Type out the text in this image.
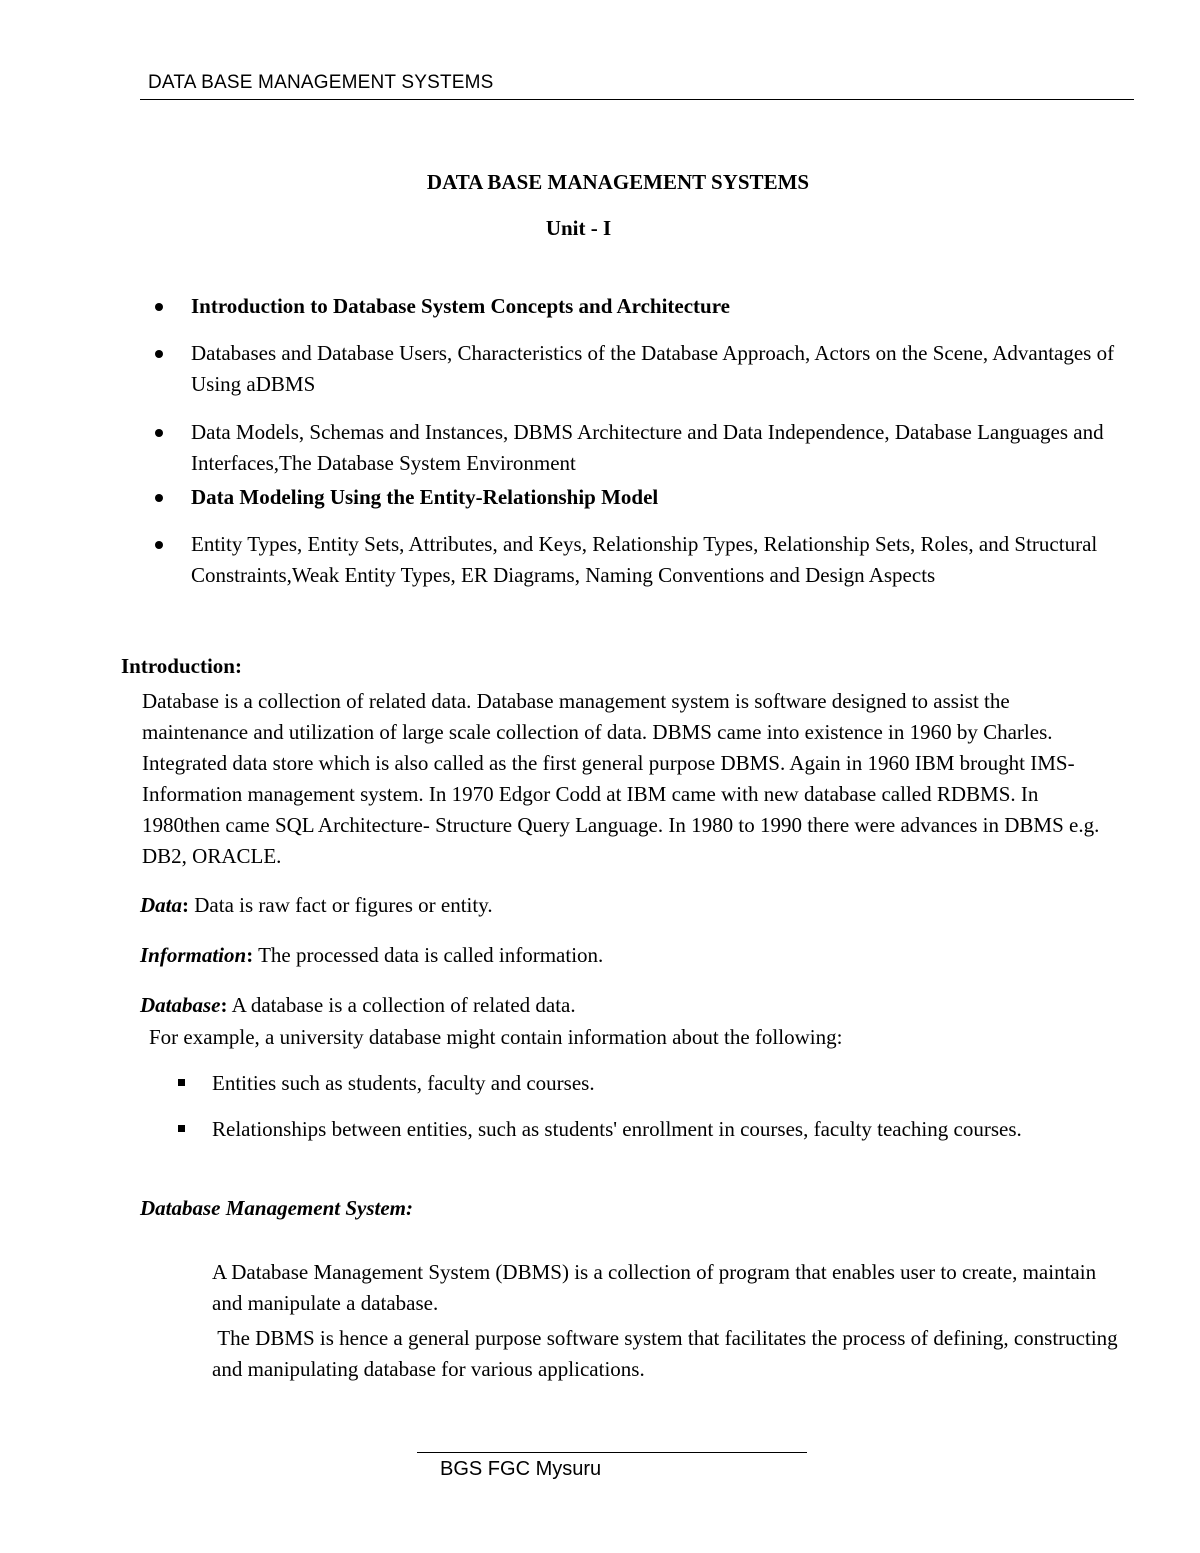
DATA BASE MANAGEMENT SYSTEMS
DATA BASE MANAGEMENT SYSTEMS
Unit - I
Introduction to Database System Concepts and Architecture
Databases and Database Users, Characteristics of the Database Approach, Actors on the Scene, Advantages of Using aDBMS
Data Models, Schemas and Instances, DBMS Architecture and Data Independence, Database Languages and Interfaces,The Database System Environment
Data Modeling Using the Entity-Relationship Model
Entity Types, Entity Sets, Attributes, and Keys, Relationship Types, Relationship Sets, Roles, and Structural Constraints,Weak Entity Types, ER Diagrams, Naming Conventions and Design Aspects
Introduction:

Database is a collection of related data. Database management system is software designed to assist the maintenance and utilization of large scale collection of data. DBMS came into existence in 1960 by Charles. Integrated data store which is also called as the first general purpose DBMS. Again in 1960 IBM brought IMS- Information management system. In 1970 Edgor Codd at IBM came with new database called RDBMS. In 1980then came SQL Architecture- Structure Query Language. In 1980 to 1990 there were advances in DBMS e.g. DB2, ORACLE.

Data: Data is raw fact or figures or entity.
Information: The processed data is called information.
Database: A database is a collection of related data.
For example, a university database might contain information about the following:
Entities such as students, faculty and courses.
Relationships between entities, such as students' enrollment in courses, faculty teaching courses.
Database Management System:

A Database Management System (DBMS) is a collection of program that enables user to create, maintain and manipulate a database.

The DBMS is hence a general purpose software system that facilitates the process of defining, constructing and manipulating database for various applications.

BGS FGC Mysuru
